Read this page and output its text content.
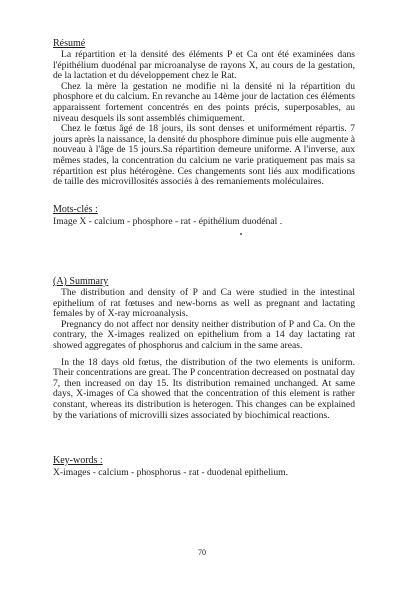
Résumé

La répartition et la densité des éléments P et Ca ont été examinées dans l'épithélium duodénal par microanalyse de rayons X, au cours de la gestation, de la lactation et du développement chez le Rat.

Chez la mère la gestation ne modifie ni la densité ni la répartition du phosphore et du calcium. En revanche au 14ème jour de lactation ces éléments apparaissent fortement concentrés en des points précis, superposables, au niveau desquels ils sont assemblés chimiquement.

Chez le fœtus âgé de 18 jours, ils sont denses et uniformément répartis. 7 jours après la naissance, la densité du phosphore diminue puis elle augmente à nouveau à l'âge de 15 jours.Sa répartition demeure uniforme. A l'inverse, aux mêmes stades, la concentration du calcium ne varie pratiquement pas mais sa répartition est plus hétérogène. Ces changements sont liés aux modifications de taille des microvillosités associés à des remaniements moléculaires.

Mots-clés :

Image X - calcium - phosphore - rat - épithélium duodénal .

(A) Summary

The distribution and density of P and Ca were studied in the intestinal epithelium of rat fœtuses and new-borns as well as pregnant and lactating females by of X-ray microanalysis.

Pregnancy do not affect nor density neither distribution of P and Ca. On the contrary, the X-images realized on epithelium from a 14 day lactating rat showed aggregates of phosphorus and calcium in the same areas.

In the 18 days old fœtus, the distribution of the two elements is uniform. Their concentrations are great. The P concentration decreased on postnatal day 7, then increased on day 15. Its distribution remained unchanged. At same days, X-images of Ca showed that the concentration of this element is rather constant, whereas its distribution is heterogen. This changes can be explained by the variations of microvilli sizes associated by biochimical reactions.

Key-words :

X-images - calcium - phosphorus - rat - duodenal epithelium.

70
